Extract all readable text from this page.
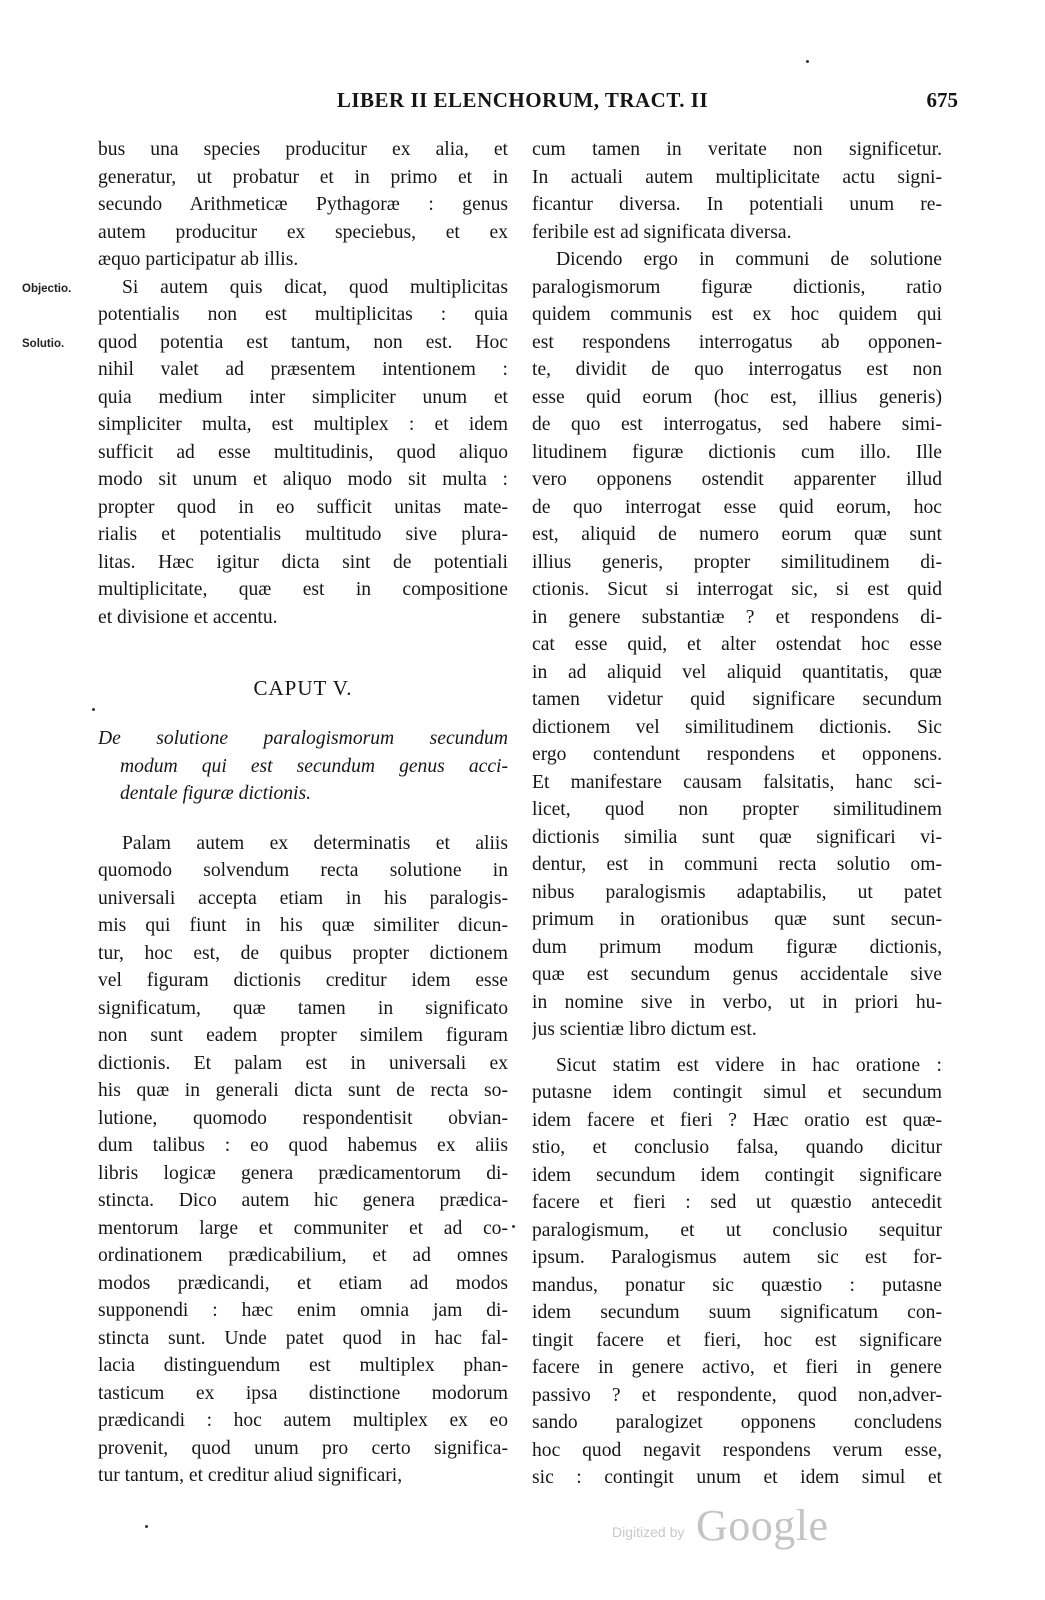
LIBER II ELENCHORUM, TRACT. II	675
Objectio.
Solutio.
bus una species producitur ex alia, et
generatur, ut probatur et in primo et in
secundo Arithmeticæ Pythagoræ : genus
autem producitur ex speciebus, et ex
æquo participatur ab illis.
Si autem quis dicat, quod multiplicitas
potentialis non est multiplicitas : quia
quod potentia est tantum, non est. Hoc
nihil valet ad præsentem intentionem :
quia medium inter simpliciter unum et
simpliciter multa, est multiplex : et idem
sufficit ad esse multitudinis, quod aliquo
modo sit unum et aliquo modo sit multa :
propter quod in eo sufficit unitas mate-
rialis et potentialis multitudo sive plura-
litas. Hæc igitur dicta sint de potentiali
multiplicitate, quæ est in compositione
et divisione et accentu.
CAPUT V.
De solutione paralogismorum secundum
modum qui est secundum genus acci-
dentale figuræ dictionis.
Palam autem ex determinatis et aliis
quomodo solvendum recta solutione in
universali accepta etiam in his paralogis-
mis qui fiunt in his quæ similiter dicun-
tur, hoc est, de quibus propter dictionem
vel figuram dictionis creditur idem esse
significatum, quæ tamen in significato
non sunt eadem propter similem figuram
dictionis. Et palam est in universali ex
his quæ in generali dicta sunt de recta so-
lutione, quomodo respondentisit obvian-
dum talibus : eo quod habemus ex aliis
libris logicæ genera prædicamentorum di-
stincta. Dico autem hic genera prædica-
mentorum large et communiter et ad co-
ordinationem prædicabilium, et ad omnes
modos prædicandi, et etiam ad modos
supponendi : hæc enim omnia jam di-
stincta sunt. Unde patet quod in hac fal-
lacia distinguendum est multiplex phan-
tasticum ex ipsa distinctione modorum
prædicandi : hoc autem multiplex ex eo
provenit, quod unum pro certo significa-
tur tantum, et creditur aliud significari,
cum tamen in veritate non significetur.
In actuali autem multiplicitate actu signi-
ficantur diversa. In potentiali unum re-
feribile est ad significata diversa.
Dicendo ergo in communi de solutione
paralogismorum figuræ dictionis, ratio
quidem communis est ex hoc quidem qui
est respondens interrogatus ab opponen-
te, dividit de quo interrogatus est non
esse quid eorum (hoc est, illius generis)
de quo est interrogatus, sed habere simi-
litudinem figuræ dictionis cum illo. Ille
vero opponens ostendit apparenter illud
de quo interrogat esse quid eorum, hoc
est, aliquid de numero eorum quæ sunt
illius generis, propter similitudinem di-
ctionis. Sicut si interrogat sic, si est quid
in genere substantiæ ? et respondens di-
cat esse quid, et alter ostendat hoc esse
in ad aliquid vel aliquid quantitatis, quæ
tamen videtur quid significare secundum
dictionem vel similitudinem dictionis. Sic
ergo contendunt respondens et opponens.
Et manifestare causam falsitatis, hanc sci-
licet, quod non propter similitudinem
dictionis similia sunt quæ significari vi-
dentur, est in communi recta solutio om-
nibus paralogismis adaptabilis, ut patet
primum in orationibus quæ sunt secun-
dum primum modum figuræ dictionis,
quæ est secundum genus accidentale sive
in nomine sive in verbo, ut in priori hu-
jus scientiæ libro dictum est.
Sicut statim est videre in hac oratione :
putasne idem contingit simul et secundum
idem facere et fieri ? Hæc oratio est quæ-
stio, et conclusio falsa, quando dicitur
idem secundum idem contingit significare
facere et fieri : sed ut quæstio antecedit
paralogismum, et ut conclusio sequitur
ipsum. Paralogismus autem sic est for-
mandus, ponatur sic quæstio : putasne
idem secundum suum significatum con-
tingit facere et fieri, hoc est significare
facere in genere activo, et fieri in genere
passivo ? et respondente, quod non,adver-
sando paralogizet opponens concludens
hoc quod negavit respondens verum esse,
sic : contingit unum et idem simul et
Digitized by Google
